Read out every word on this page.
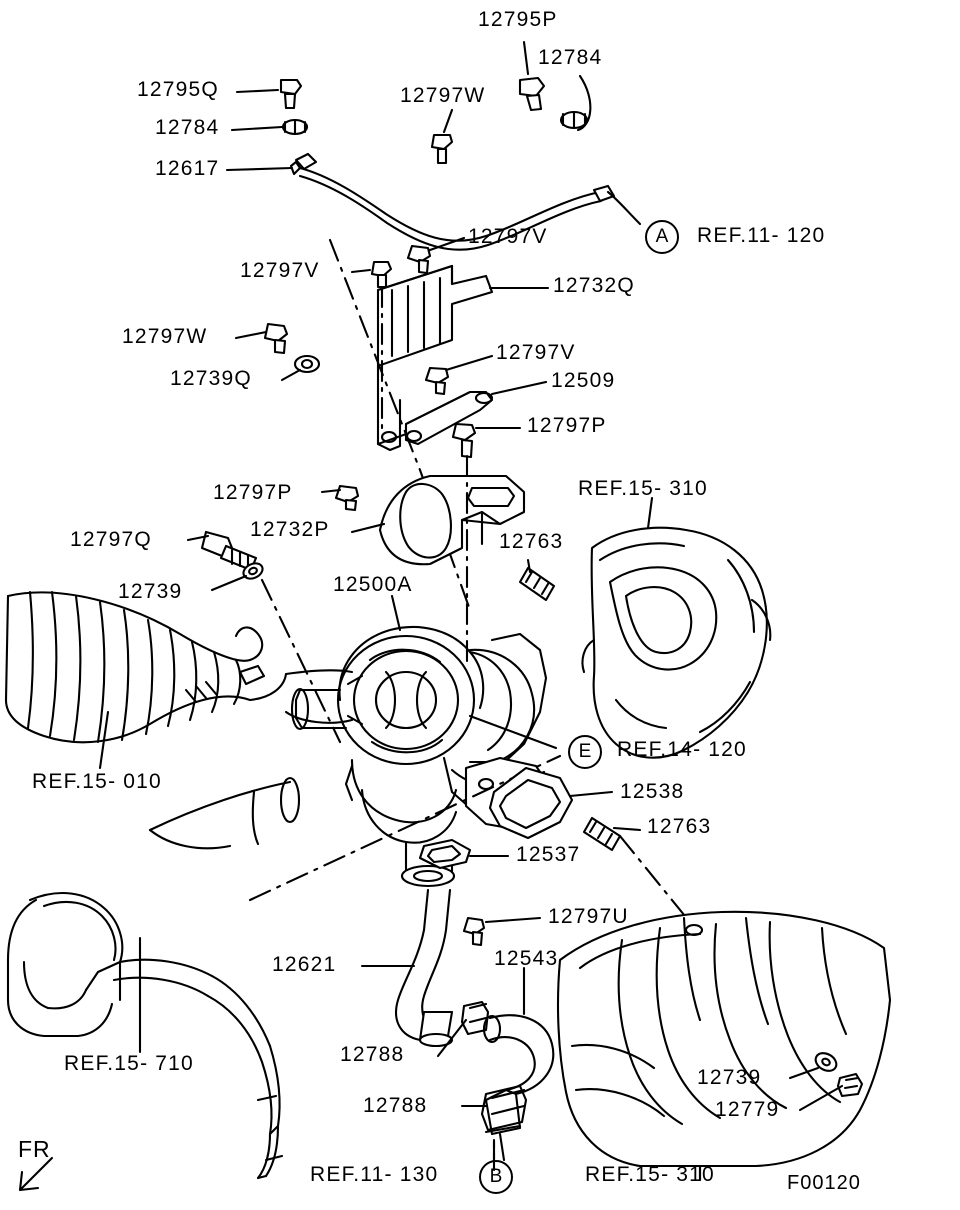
12795P
12784
12795Q
12784
12797W
12617
12797V
12797V
12732Q
12797W
12739Q
12797V
12509
12797P
12797P
12732P
12797Q
12739	12500A
12763
12538
12763
12537
12797U
12621	12543
12788
12788
12739
12779
REF.11- 120
REF.15- 310
REF.14- 120
REF.15- 010
REF.15- 710
REF.11- 130	REF.15- 310
A
E
B
FR
F00120
